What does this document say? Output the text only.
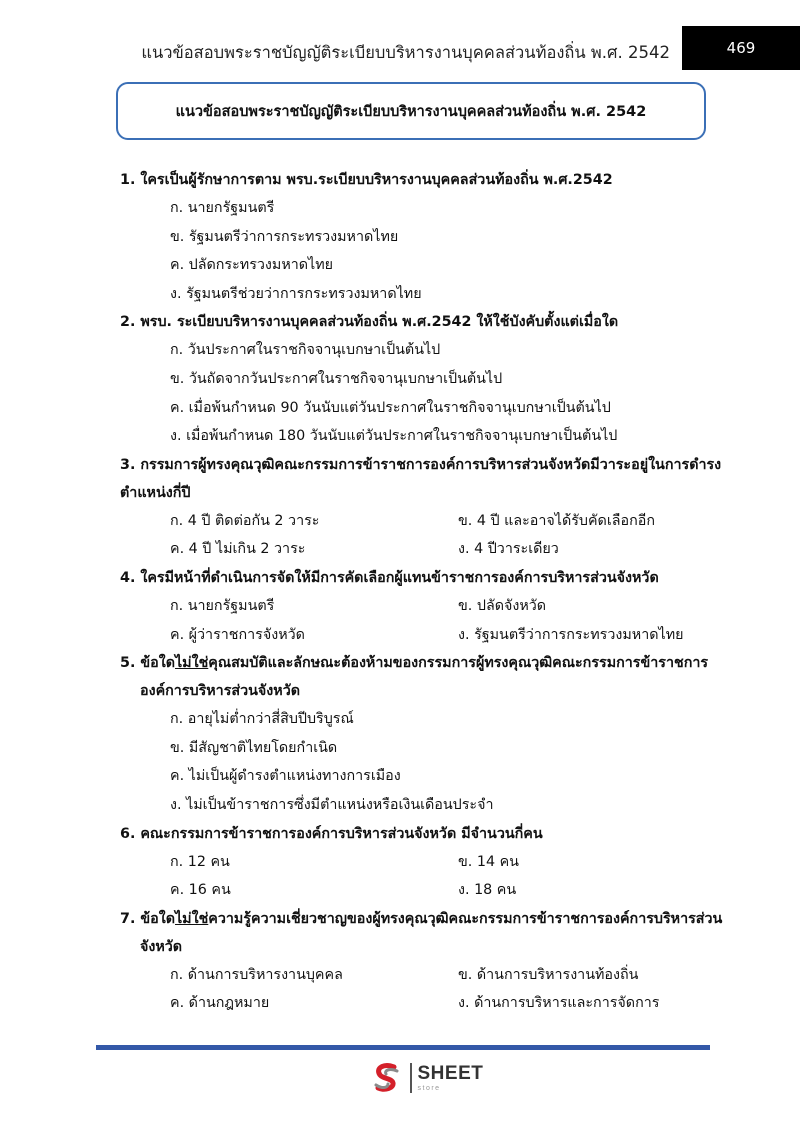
แนวข้อสอบพระราชบัญญัติระเบียบบริหารงานบุคคลส่วนท้องถิ่น พ.ศ. 2542	469
แนวข้อสอบพระราชบัญญัติระเบียบบริหารงานบุคคลส่วนท้องถิ่น พ.ศ. 2542
1. ใครเป็นผู้รักษาการตาม พรบ.ระเบียบบริหารงานบุคคลส่วนท้องถิ่น พ.ศ.2542
ก. นายกรัฐมนตรี
ข. รัฐมนตรีว่าการกระทรวงมหาดไทย
ค. ปลัดกระทรวงมหาดไทย
ง. รัฐมนตรีช่วยว่าการกระทรวงมหาดไทย
2. พรบ. ระเบียบบริหารงานบุคคลส่วนท้องถิ่น พ.ศ.2542 ให้ใช้บังคับตั้งแต่เมื่อใด
ก. วันประกาศในราชกิจจานุเบกษาเป็นต้นไป
ข. วันถัดจากวันประกาศในราชกิจจานุเบกษาเป็นต้นไป
ค. เมื่อพ้นกำหนด 90 วันนับแต่วันประกาศในราชกิจจานุเบกษาเป็นต้นไป
ง. เมื่อพ้นกำหนด 180 วันนับแต่วันประกาศในราชกิจจานุเบกษาเป็นต้นไป
3. กรรมการผู้ทรงคุณวุฒิคณะกรรมการข้าราชการองค์การบริหารส่วนจังหวัดมีวาระอยู่ในการดำรง
ตำแหน่งกี่ปี
ก. 4 ปี ติดต่อกัน 2 วาระ	ข. 4 ปี และอาจได้รับคัดเลือกอีก
ค. 4 ปี ไม่เกิน 2 วาระ	ง. 4 ปีวาระเดียว
4. ใครมีหน้าที่ดำเนินการจัดให้มีการคัดเลือกผู้แทนข้าราชการองค์การบริหารส่วนจังหวัด
ก. นายกรัฐมนตรี	ข. ปลัดจังหวัด
ค. ผู้ว่าราชการจังหวัด	ง. รัฐมนตรีว่าการกระทรวงมหาดไทย
5. ข้อใดไม่ใช่คุณสมบัติและลักษณะต้องห้ามของกรรมการผู้ทรงคุณวุฒิคณะกรรมการข้าราชการ
องค์การบริหารส่วนจังหวัด
ก. อายุไม่ต่ำกว่าสี่สิบปีบริบูรณ์
ข. มีสัญชาติไทยโดยกำเนิด
ค. ไม่เป็นผู้ดำรงตำแหน่งทางการเมือง
ง. ไม่เป็นข้าราชการซึ่งมีตำแหน่งหรือเงินเดือนประจำ
6. คณะกรรมการข้าราชการองค์การบริหารส่วนจังหวัด มีจำนวนกี่คน
ก. 12 คน	ข. 14 คน
ค. 16 คน	ง. 18 คน
7. ข้อใดไม่ใช่ความรู้ความเชี่ยวชาญของผู้ทรงคุณวุฒิคณะกรรมการข้าราชการองค์การบริหารส่วน
จังหวัด
ก. ด้านการบริหารงานบุคคล	ข. ด้านการบริหารงานท้องถิ่น
ค. ด้านกฎหมาย	ง. ด้านการบริหารและการจัดการ
SHEET
store
